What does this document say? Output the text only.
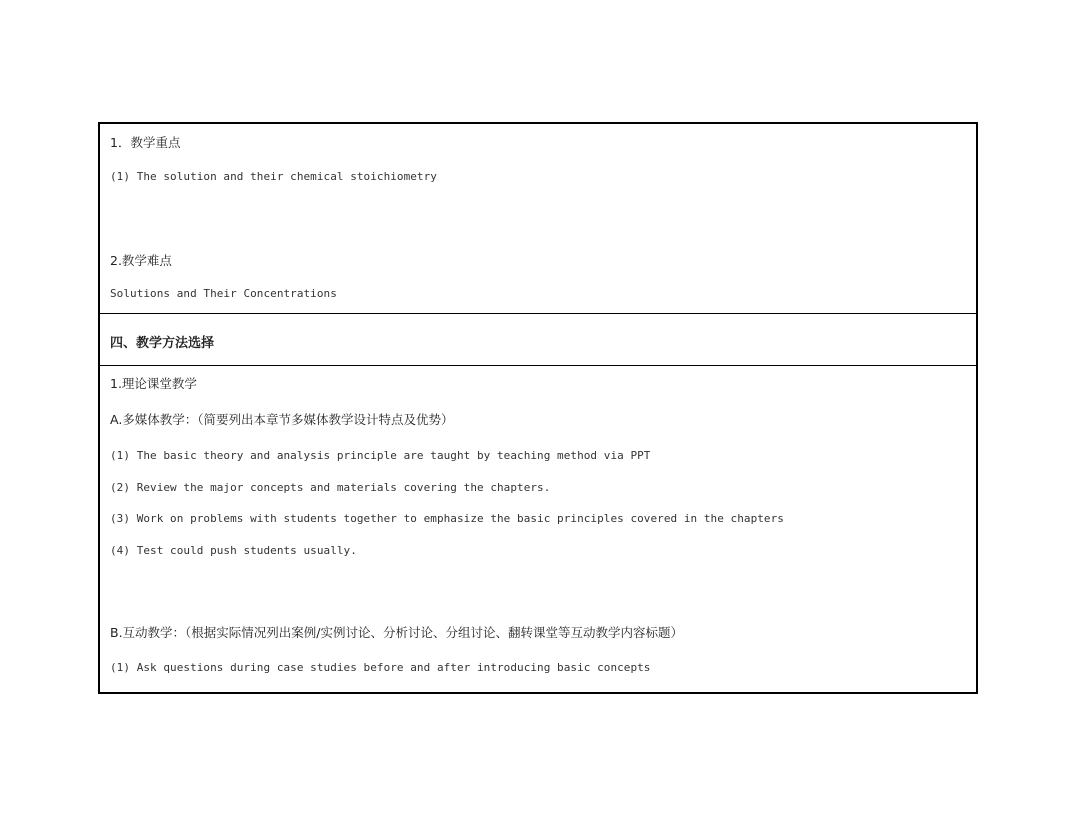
1．教学重点
(1) The solution and their chemical stoichiometry
2.教学难点
Solutions and Their Concentrations
四、教学方法选择
1.理论课堂教学
A.多媒体教学：（简要列出本章节多媒体教学设计特点及优势）
(1) The basic theory and analysis principle are taught by teaching method via PPT
(2) Review the major concepts and materials covering the chapters.
(3) Work on problems with students together to emphasize the basic principles covered in the chapters
(4) Test could push students usually.
B.互动教学：（根据实际情况列出案例/实例讨论、分析讨论、分组讨论、翻转课堂等互动教学内容标题）
(1) Ask questions during case studies before and after introducing basic concepts
